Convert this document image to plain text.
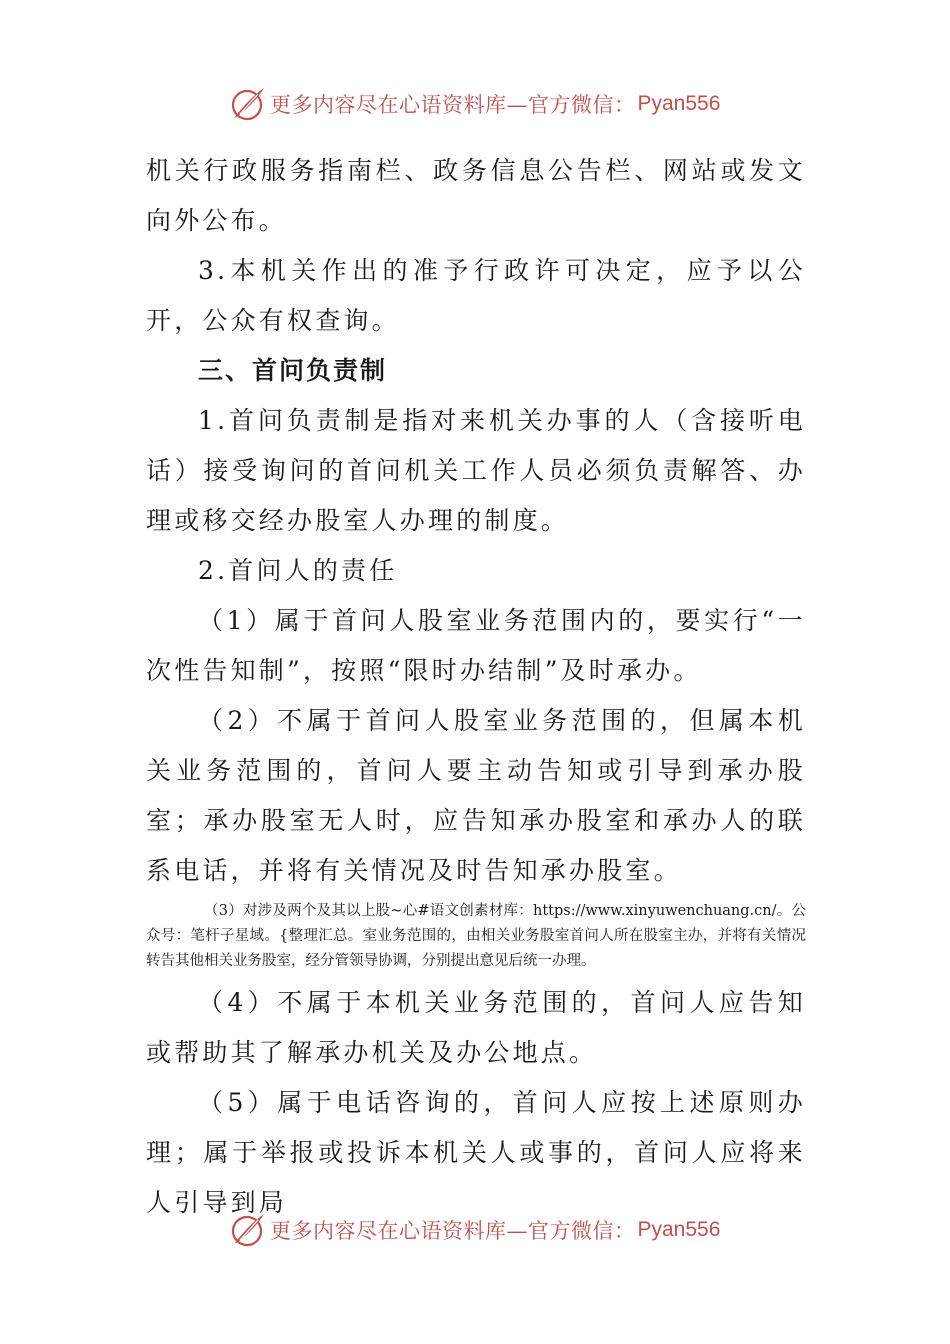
更多内容尽在心语资料库—官方微信： Pyan556

机关行政服务指南栏、政务信息公告栏、网站或发文向外公布。

3.本机关作出的准予行政许可决定，应予以公开，公众有权查询。

三、首问负责制

1.首问负责制是指对来机关办事的人（含接听电话）接受询问的首问机关工作人员必须负责解答、办理或移交经办股室人办理的制度。

2.首问人的责任

（1）属于首问人股室业务范围内的，要实行“一次性告知制”，按照“限时办结制”及时承办。

（2）不属于首问人股室业务范围的，但属本机关业务范围的，首问人要主动告知或引导到承办股室；承办股室无人时，应告知承办股室和承办人的联系电话，并将有关情况及时告知承办股室。

（3）对涉及两个及其以上股~心#语文创素材库：https://www.xinyuwenchuang.cn/。公众号：笔杆子星域。{整理汇总。室业务范围的，由相关业务股室首问人所在股室主办，并将有关情况转告其他相关业务股室，经分管领导协调，分别提出意见后统一办理。

（4）不属于本机关业务范围的，首问人应告知或帮助其了解承办机关及办公地点。

（5）属于电话咨询的，首问人应按上述原则办理；属于举报或投诉本机关人或事的，首问人应将来人引导到局

更多内容尽在心语资料库—官方微信： Pyan556
